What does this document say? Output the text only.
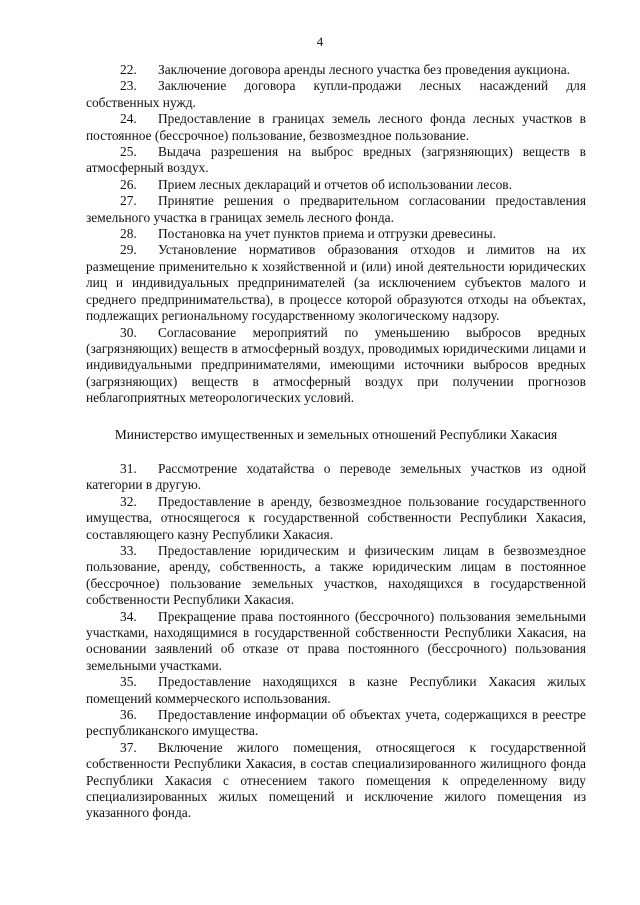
4

22. Заключение договора аренды лесного участка без проведения аукциона.

23. Заключение договора купли-продажи лесных насаждений для собственных нужд.

24. Предоставление в границах земель лесного фонда лесных участков в постоянное (бессрочное) пользование, безвозмездное пользование.

25. Выдача разрешения на выброс вредных (загрязняющих) веществ в атмосферный воздух.

26. Прием лесных деклараций и отчетов об использовании лесов.

27. Принятие решения о предварительном согласовании предоставления земельного участка в границах земель лесного фонда.

28. Постановка на учет пунктов приема и отгрузки древесины.

29. Установление нормативов образования отходов и лимитов на их размещение применительно к хозяйственной и (или) иной деятельности юридических лиц и индивидуальных предпринимателей (за исключением субъектов малого и среднего предпринимательства), в процессе которой образуются отходы на объектах, подлежащих региональному государственному экологическому надзору.

30. Согласование мероприятий по уменьшению выбросов вредных (загрязняющих) веществ в атмосферный воздух, проводимых юридическими лицами и индивидуальными предпринимателями, имеющими источники выбросов вредных (загрязняющих) веществ в атмосферный воздух при получении прогнозов неблагоприятных метеорологических условий.

Министерство имущественных и земельных отношений Республики Хакасия

31. Рассмотрение ходатайства о переводе земельных участков из одной категории в другую.

32. Предоставление в аренду, безвозмездное пользование государственного имущества, относящегося к государственной собственности Республики Хакасия, составляющего казну Республики Хакасия.

33. Предоставление юридическим и физическим лицам в безвозмездное пользование, аренду, собственность, а также юридическим лицам в постоянное (бессрочное) пользование земельных участков, находящихся в государственной собственности Республики Хакасия.

34. Прекращение права постоянного (бессрочного) пользования земельными участками, находящимися в государственной собственности Республики Хакасия, на основании заявлений об отказе от права постоянного (бессрочного) пользования земельными участками.

35. Предоставление находящихся в казне Республики Хакасия жилых помещений коммерческого использования.

36. Предоставление информации об объектах учета, содержащихся в реестре республиканского имущества.

37. Включение жилого помещения, относящегося к государственной собственности Республики Хакасия, в состав специализированного жилищного фонда Республики Хакасия с отнесением такого помещения к определенному виду специализированных жилых помещений и исключение жилого помещения из указанного фонда.
